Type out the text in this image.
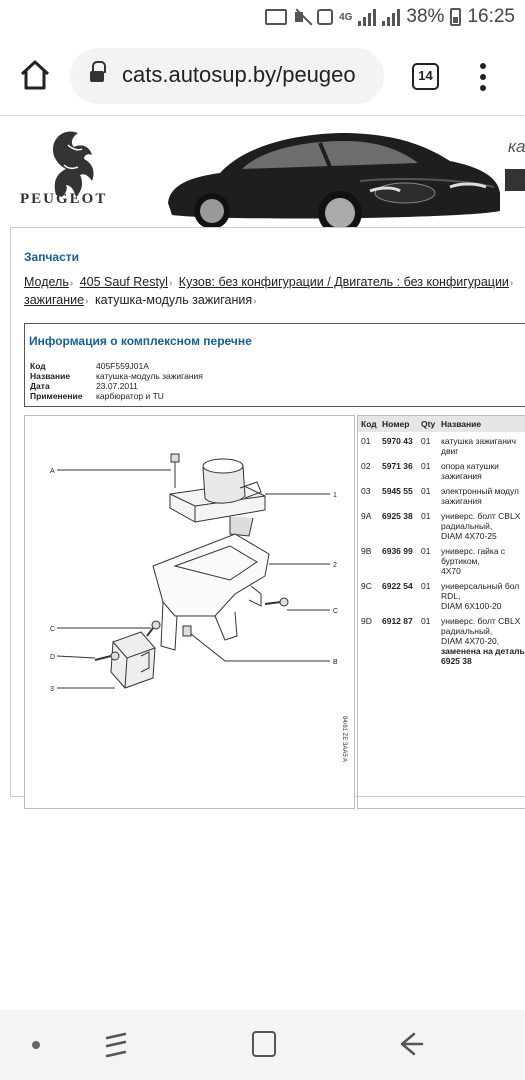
4G	38% 16:25
cats.autosup.by/peugeo	14
PEUGEOT
ка
Запчасти
Модель› 405 Sauf Restyl› Кузов: без конфигурации / Двигатель : без конфигурации›
зажигание› катушка-модуль зажигания›
Информация о комплексном перечне
Код	405F559J01A
Название	катушка-модуль зажигания
Дата	23.07.2011
Применение	карбюратор и TU
A
1
2
C
C
D
B
3
84/81 ZE 3AA5 A
Код	Номер	Qty	Название
01	5970 43	01	катушка зажиганич
двиг

02	5971 36	01	опора катушки
зажигания

03	5945 55	01	электронный модул
зажигания

9A	6925 38	01	универс. болт CBLX
радиальный,
DIAM 4X70-25

9B	6936 99	01	универс. гайка с
буртиком,
4X70

9C	6922 54	01	универсальный бол
RDL,
DIAM 6X100-20

9D	6912 87	01	универс. болт CBLX
радиальный,
DIAM 4X70-20,
заменена на деталь
6925 38
